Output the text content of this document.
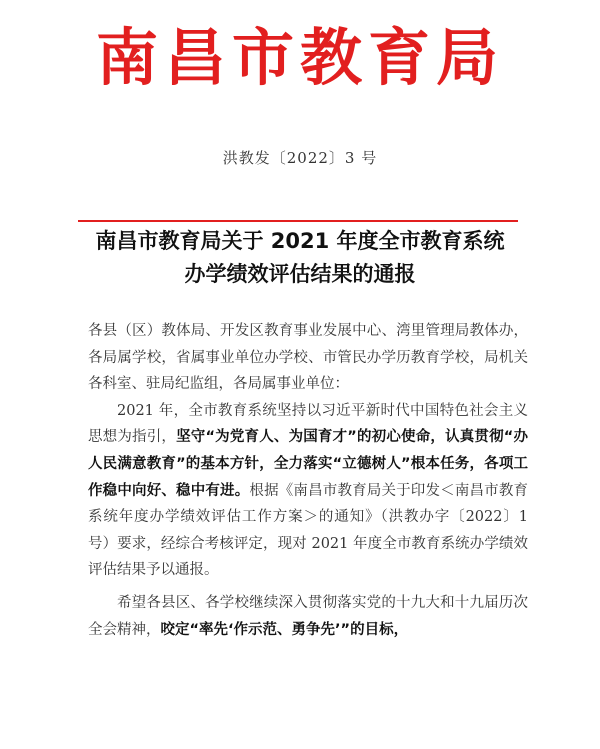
南昌市教育局
洪教发〔2022〕3 号
南昌市教育局关于 2021 年度全市教育系统
办学绩效评估结果的通报

各县（区）教体局、开发区教育事业发展中心、湾里管理局教体办，各局属学校，省属事业单位办学校、市管民办学历教育学校，局机关各科室、驻局纪监组，各局属事业单位：

2021 年，全市教育系统坚持以习近平新时代中国特色社会主义思想为指引，坚守“为党育人、为国育才”的初心使命，认真贯彻“办人民满意教育”的基本方针，全力落实“立德树人”根本任务，各项工作稳中向好、稳中有进。根据《南昌市教育局关于印发＜南昌市教育系统年度办学绩效评估工作方案＞的通知》（洪教办字〔2022〕1 号）要求，经综合考核评定，现对 2021 年度全市教育系统办学绩效评估结果予以通报。

希望各县区、各学校继续深入贯彻落实党的十九大和十九届历次全会精神，咬定“率先‘作示范、勇争先’”的目标，
